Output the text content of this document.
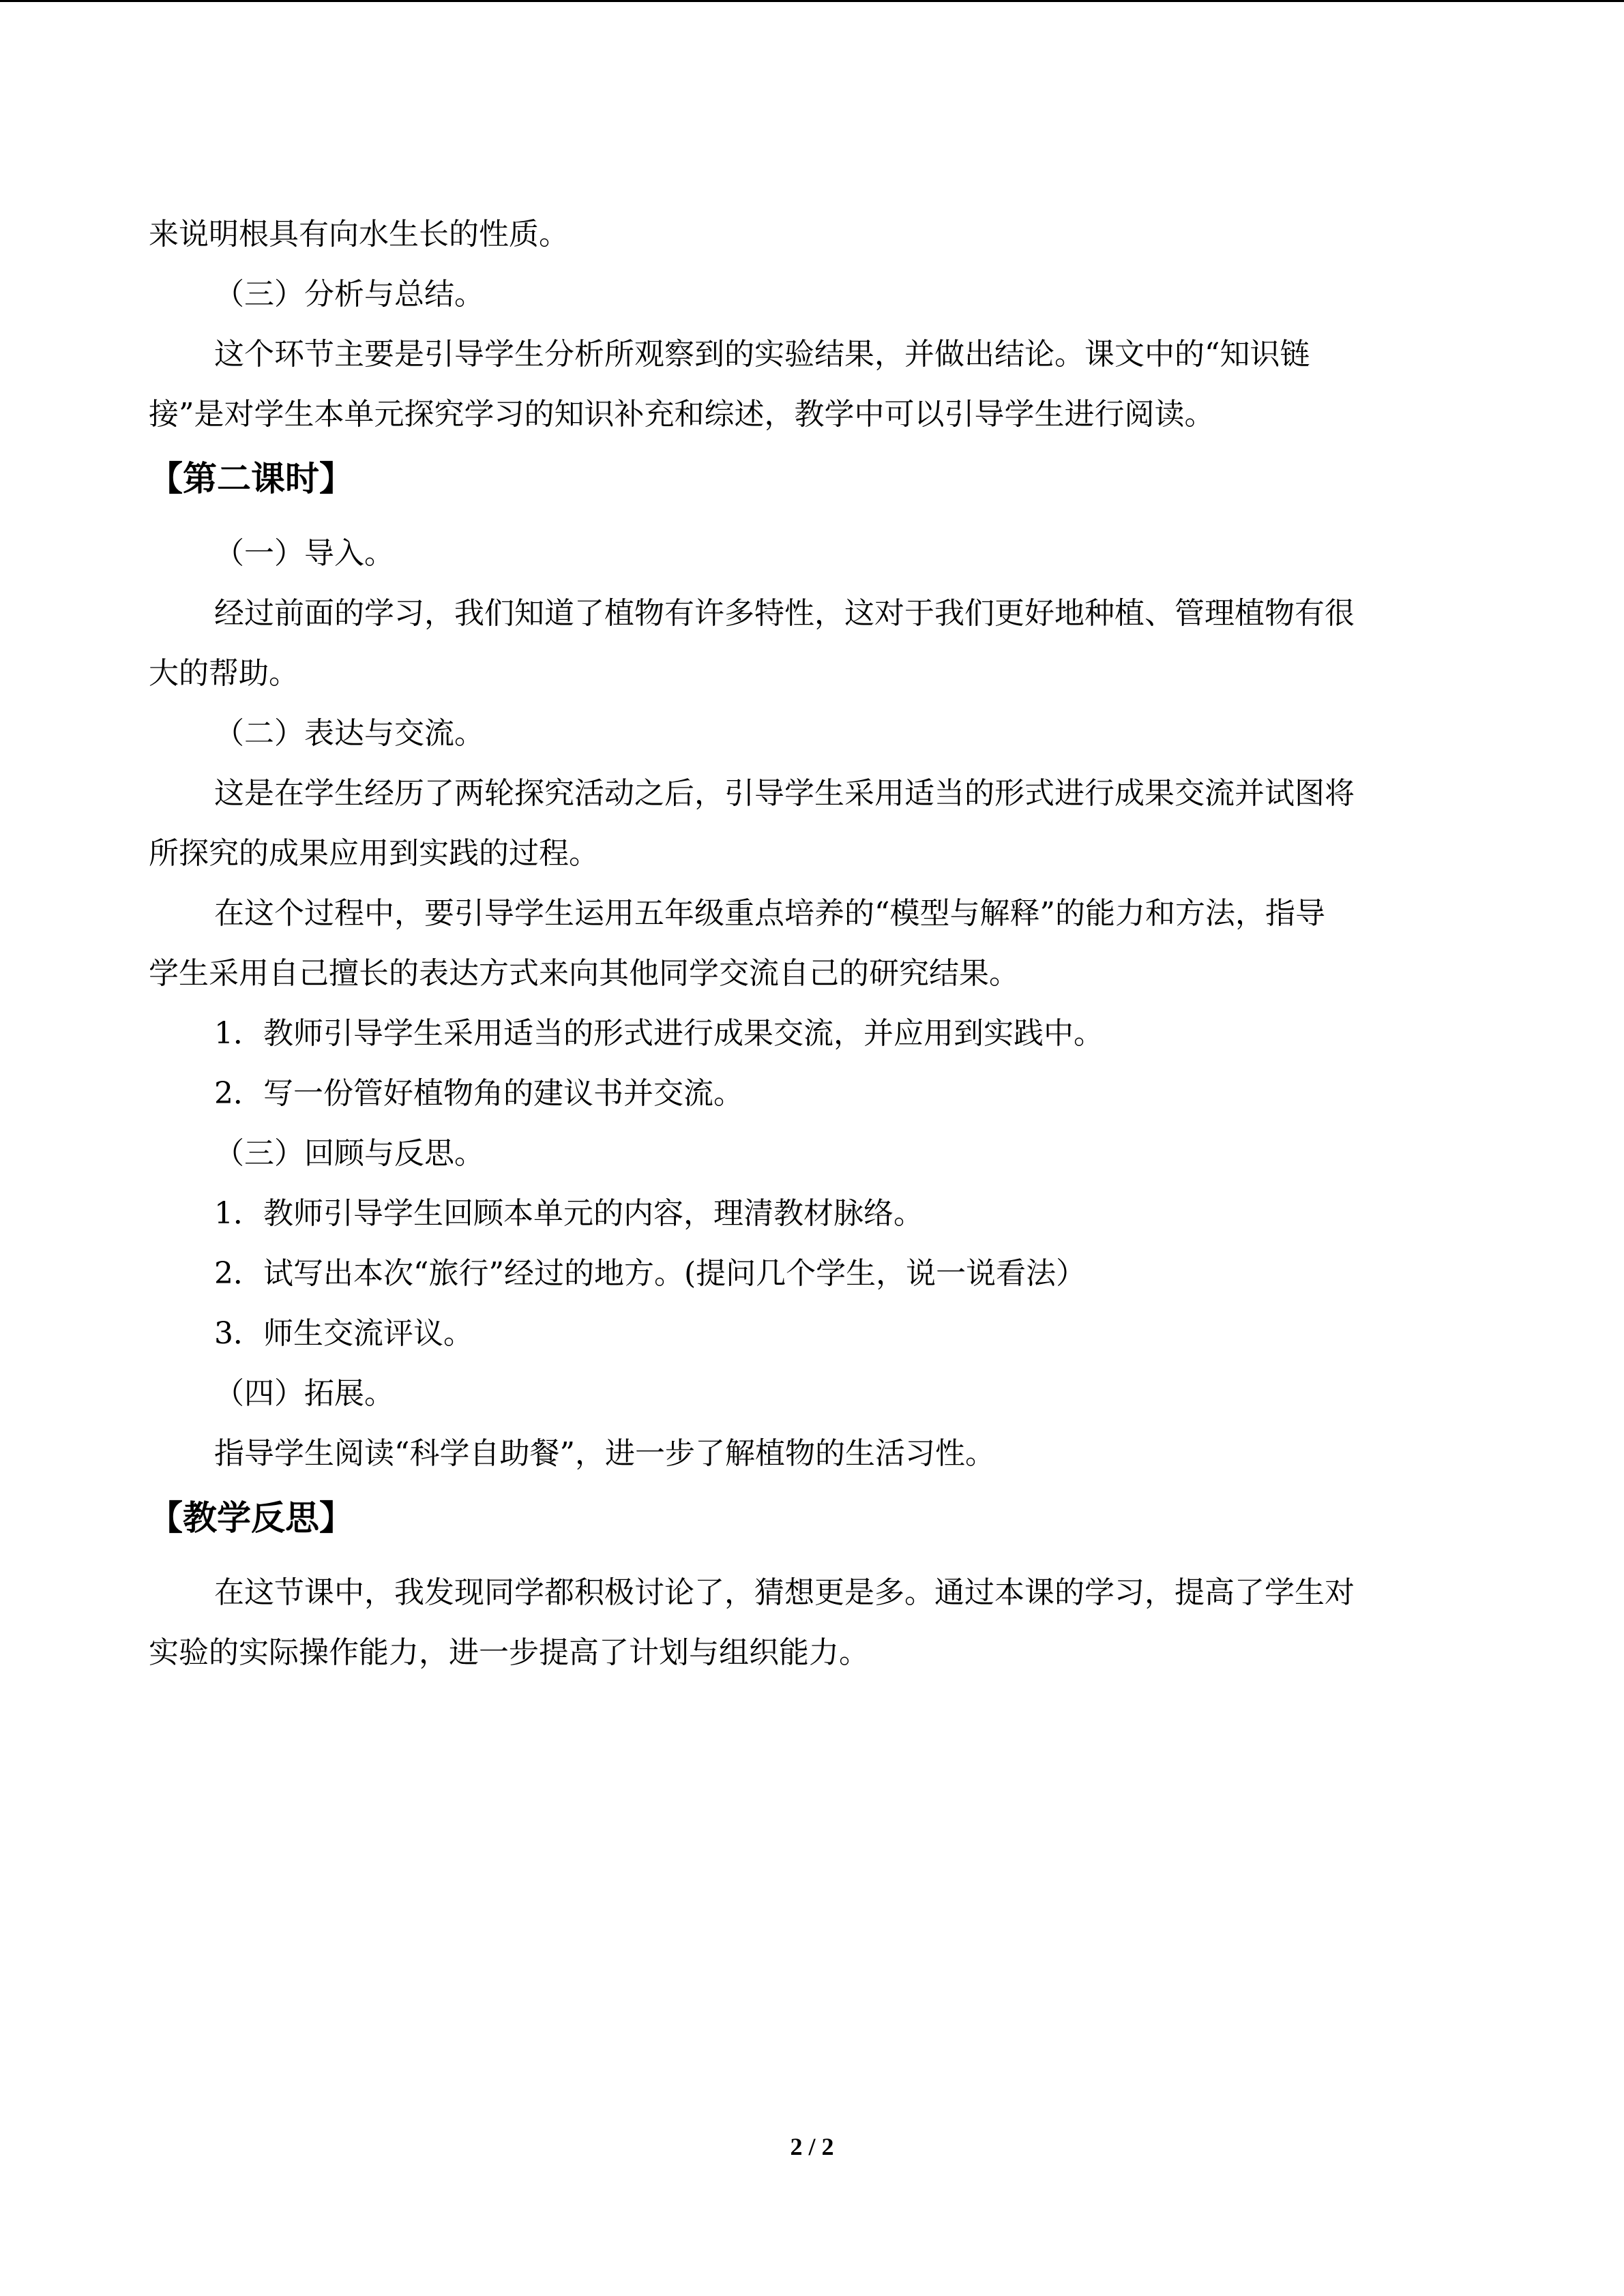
来说明根具有向水生长的性质。

（三）分析与总结。

这个环节主要是引导学生分析所观察到的实验结果，并做出结论。课文中的“知识链

接”是对学生本单元探究学习的知识补充和综述，教学中可以引导学生进行阅读。

【第二课时】

（一）导入。

经过前面的学习，我们知道了植物有许多特性，这对于我们更好地种植、管理植物有很

大的帮助。

（二）表达与交流。

这是在学生经历了两轮探究活动之后，引导学生采用适当的形式进行成果交流并试图将

所探究的成果应用到实践的过程。

在这个过程中，要引导学生运用五年级重点培养的“模型与解释”的能力和方法，指导

学生采用自己擅长的表达方式来向其他同学交流自己的研究结果。

1．教师引导学生采用适当的形式进行成果交流，并应用到实践中。

2．写一份管好植物角的建议书并交流。

（三）回顾与反思。

1．教师引导学生回顾本单元的内容，理清教材脉络。

2．试写出本次“旅行”经过的地方。(提问几个学生，说一说看法）

3．师生交流评议。

（四）拓展。

指导学生阅读“科学自助餐”，进一步了解植物的生活习性。

【教学反思】

在这节课中，我发现同学都积极讨论了，猜想更是多。通过本课的学习，提高了学生对

实验的实际操作能力，进一步提高了计划与组织能力。

2 / 2
